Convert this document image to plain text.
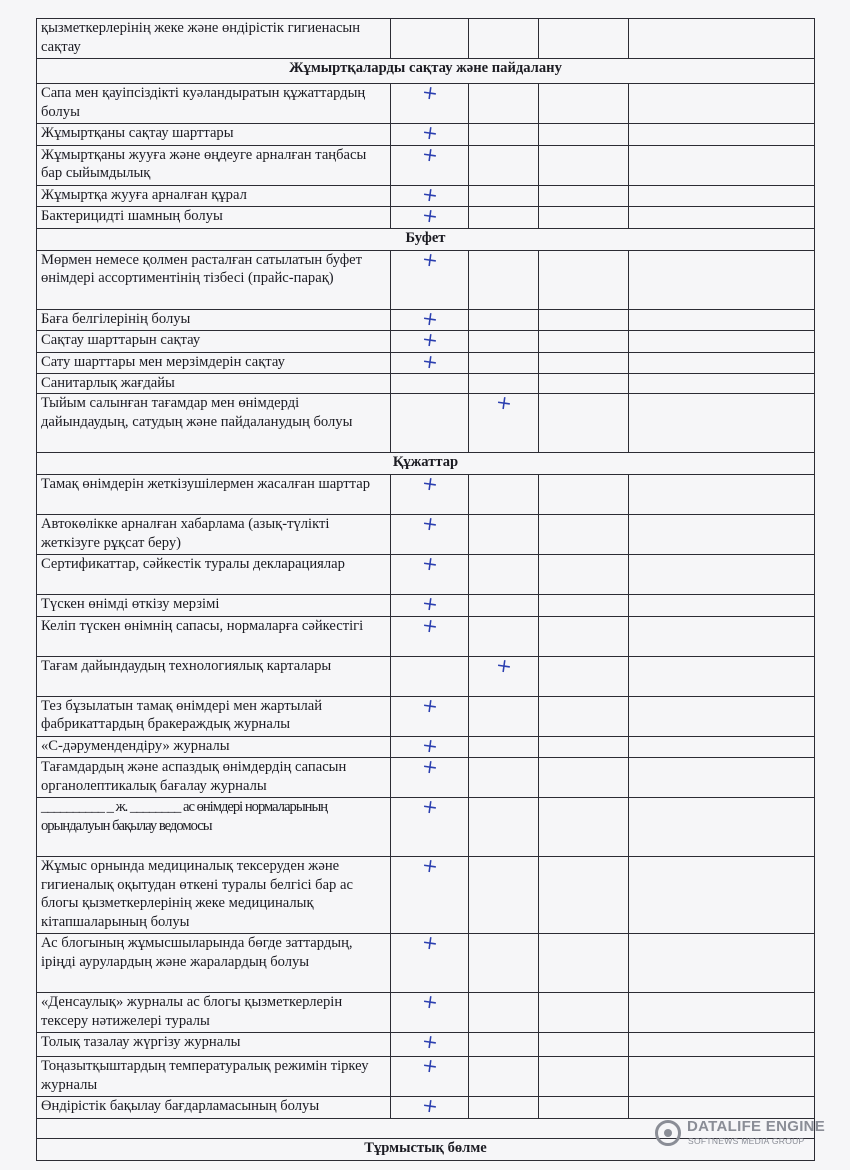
қызметкерлерінің жеке және өндірістік гигиенасын сақтау				
Жұмыртқаларды сақтау және пайдалану				
Сапа мен қауіпсіздікті куәландыратын құжаттардың болуы	+			
Жұмыртқаны сақтау шарттары	+			
Жұмыртқаны жууға және өңдеуге арналған таңбасы бар сыйымдылық	+			
Жұмыртқа жууға арналған құрал	+			
Бактерицидті шамның болуы	+			
Буфет				
Мөрмен немесе қолмен расталған сатылатын буфет өнімдері ассортиментінің тізбесі (прайс-парақ)	+			
Баға белгілерінің болуы	+			
Сақтау шарттарын сақтау	+			
Сату шарттары мен мерзімдерін сақтау	+			
Санитарлық жағдайы				
Тыйым салынған тағамдар мен өнімдерді дайындаудың, сатудың және пайдаланудың болуы		+		
Құжаттар				
Тамақ өнімдерін жеткізушілермен жасалған шарттар	+			
Автокөлікке арналған хабарлама (азық-түлікті жеткізуге рұқсат беру)	+			
Сертификаттар, сәйкестік туралы декларациялар	+			
Түскен өнімді өткізу мерзімі	+			
Келіп түскен өнімнің сапасы, нормаларға сәйкестігі	+			
Тағам дайындаудың технологиялық карталары		+		
Тез бұзылатын тамақ өнімдері мен жартылай фабрикаттардың бракераждық журналы	+			
«С-дәрумендендіру» журналы	+			
Тағамдардың және аспаздық өнімдердің сапасын органолептикалық бағалау журналы	+			
__________ _ ж. ________ ас өнімдері нормаларының орындалуын бақылау ведомосы	+			
Жұмыс орнында медициналық тексеруден және гигиеналық оқытудан өткені туралы белгісі бар ас блогы қызметкерлерінің жеке медициналық кітапшаларының болуы	+			
Ас блогының жұмысшыларында бөгде заттардың, іріңді аурулардың және жаралардың болуы	+			
«Денсаулық» журналы ас блогы қызметкерлерін тексеру нәтижелері туралы	+			
Толық тазалау жүргізу журналы	+			
Тоңазытқыштардың температуралық режимін тіркеу журналы	+			
Өндірістік бақылау бағдарламасының болуы	+			

Тұрмыстық бөлме				
DATALIFE ENGINE
SOFTNEWS MEDIA GROUP
